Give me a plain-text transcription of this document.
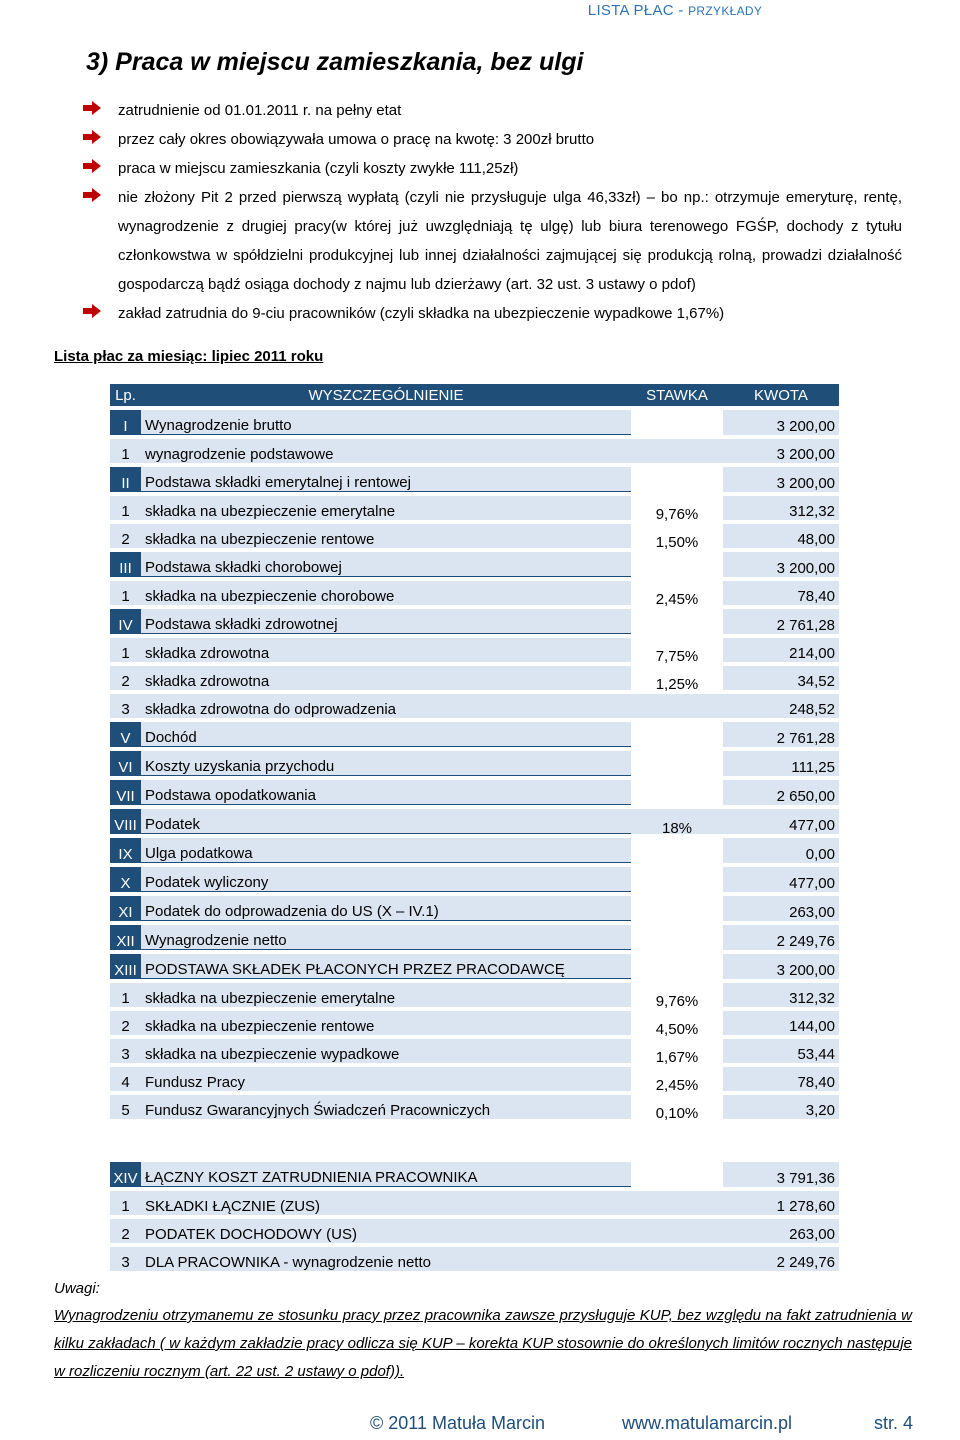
LISTA PŁAC - PRZYKŁADY
3) Praca w miejscu zamieszkania, bez ulgi
zatrudnienie od 01.01.2011 r. na pełny etat
przez cały okres obowiązywała umowa o pracę na kwotę: 3 200zł brutto
praca w miejscu zamieszkania (czyli koszty zwykłe 111,25zł)
nie złożony Pit 2 przed pierwszą wypłatą (czyli nie przysługuje ulga 46,33zł) – bo np.: otrzymuje emeryturę, rentę, wynagrodzenie z drugiej pracy(w której już uwzględniają tę ulgę) lub biura terenowego FGŚP, dochody z tytułu członkowstwa w spółdzielni produkcyjnej lub innej działalności zajmującej się produkcją rolną, prowadzi działalność gospodarczą bądź osiąga dochody z najmu lub dzierżawy (art. 32 ust. 3 ustawy o pdof)
zakład zatrudnia do 9-ciu pracowników (czyli składka na ubezpieczenie wypadkowe 1,67%)

Lista płac za miesiąc: lipiec 2011 roku

Lp.	WYSZCZEGÓLNIENIE	STAWKA	KWOTA
I	Wynagrodzenie brutto		3 200,00
1	wynagrodzenie podstawowe		3 200,00
II	Podstawa składki emerytalnej i rentowej		3 200,00
1	składka na ubezpieczenie emerytalne	9,76%	312,32
2	składka na ubezpieczenie rentowe	1,50%	48,00
III	Podstawa składki chorobowej		3 200,00
1	składka na ubezpieczenie chorobowe	2,45%	78,40
IV	Podstawa składki zdrowotnej		2 761,28
1	składka zdrowotna	7,75%	214,00
2	składka zdrowotna	1,25%	34,52
3	składka zdrowotna do odprowadzenia		248,52
V	Dochód		2 761,28
VI	Koszty uzyskania przychodu		111,25
VII	Podstawa opodatkowania		2 650,00
VIII	Podatek	18%	477,00
IX	Ulga podatkowa		0,00
X	Podatek wyliczony		477,00
XI	Podatek do odprowadzenia do US (X – IV.1)		263,00
XII	Wynagrodzenie netto		2 249,76
XIII	PODSTAWA SKŁADEK PŁACONYCH PRZEZ PRACODAWCĘ		3 200,00
1	składka na ubezpieczenie emerytalne	9,76%	312,32
2	składka na ubezpieczenie rentowe	4,50%	144,00
3	składka na ubezpieczenie wypadkowe	1,67%	53,44
4	Fundusz Pracy	2,45%	78,40
5	Fundusz Gwarancyjnych Świadczeń Pracowniczych	0,10%	3,20
XIV	ŁĄCZNY KOSZT ZATRUDNIENIA PRACOWNIKA		3 791,36
1	SKŁADKI ŁĄCZNIE (ZUS)		1 278,60
2	PODATEK DOCHODOWY (US)		263,00
3	DLA PRACOWNIKA - wynagrodzenie netto		2 249,76

Uwagi:

Wynagrodzeniu otrzymanemu ze stosunku pracy przez pracownika zawsze przysługuje KUP, bez względu na fakt zatrudnienia w kilku zakładach ( w każdym zakładzie pracy odlicza się KUP – korekta KUP stosownie do określonych limitów rocznych następuje w rozliczeniu rocznym (art. 22 ust. 2 ustawy o pdof)).

© 2011 Matuła Marcin	www.matulamarcin.pl	str. 4
